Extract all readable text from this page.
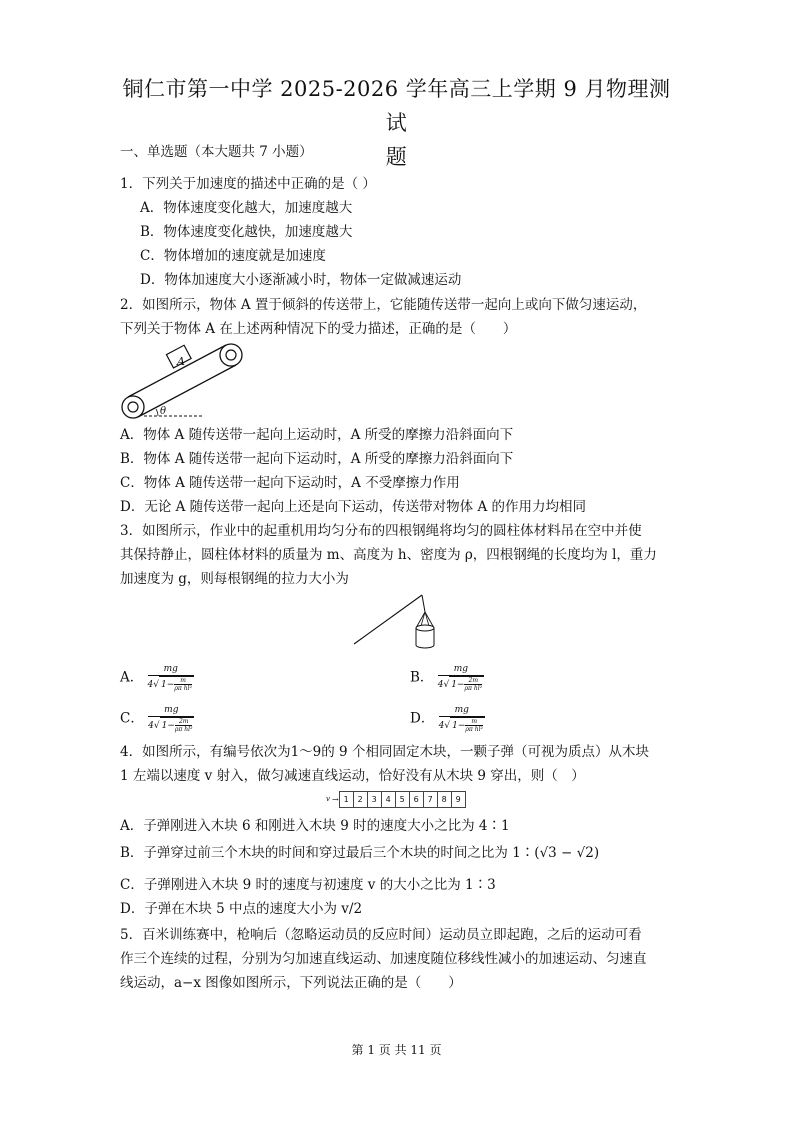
铜仁市第一中学 2025-2026 学年高三上学期 9 月物理测试
题
一、单选题（本大题共 7 小题）
1．下列关于加速度的描述中正确的是（ ）
A．物体速度变化越大，加速度越大
B．物体速度变化越快，加速度越大
C．物体增加的速度就是加速度
D．物体加速度大小逐渐减小时，物体一定做减速运动
2．如图所示，物体 A 置于倾斜的传送带上，它能随传送带一起向上或向下做匀速运动，
下列关于物体 A 在上述两种情况下的受力描述，正确的是（　　）
A
θ
A．物体 A 随传送带一起向上运动时，A 所受的摩擦力沿斜面向下
B．物体 A 随传送带一起向下运动时，A 所受的摩擦力沿斜面向下
C．物体 A 随传送带一起向下运动时，A 不受摩擦力作用
D．无论 A 随传送带一起向上还是向下运动，传送带对物体 A 的作用力均相同
3．如图所示，作业中的起重机用均匀分布的四根钢绳将均匀的圆柱体材料吊在空中并使
其保持静止，圆柱体材料的质量为 m、高度为 h、密度为 ρ，四根钢绳的长度均为 l，重力
加速度为 g，则每根钢绳的拉力大小为
A． $\frac{mg}{4√ 1- \frac{m}{\text{ρπ hl²}}}$	B． $\frac{mg}{4√ 1- \frac{2m}{\text{ρπ hl²}}}$
C． $\frac{mg}{4√ 1- \frac{2m}{\text{ρπ hl²}}}$	D． $\frac{mg}{4√ 1- \frac{m}{\text{ρπ hl²}}}$
4．如图所示，有编号依次为1～9的 9 个相同固定木块，一颗子弹（可视为质点）从木块
1 左端以速度 v 射入，做匀减速直线运动，恰好没有从木块 9 穿出，则（　）
v → 1	2	3	4	5	6	7	8	9
A．子弹刚进入木块 6 和刚进入木块 9 时的速度大小之比为 4∶1
B．子弹穿过前三个木块的时间和穿过最后三个木块的时间之比为 1∶(√3 − √2)
C．子弹刚进入木块 9 时的速度与初速度 v 的大小之比为 1∶3
D．子弹在木块 5 中点的速度大小为 v/2
5．百米训练赛中，枪响后（忽略运动员的反应时间）运动员立即起跑，之后的运动可看
作三个连续的过程，分别为匀加速直线运动、加速度随位移线性减小的加速运动、匀速直
线运动，a−x 图像如图所示，下列说法正确的是（　　）
第 1 页 共 11 页
